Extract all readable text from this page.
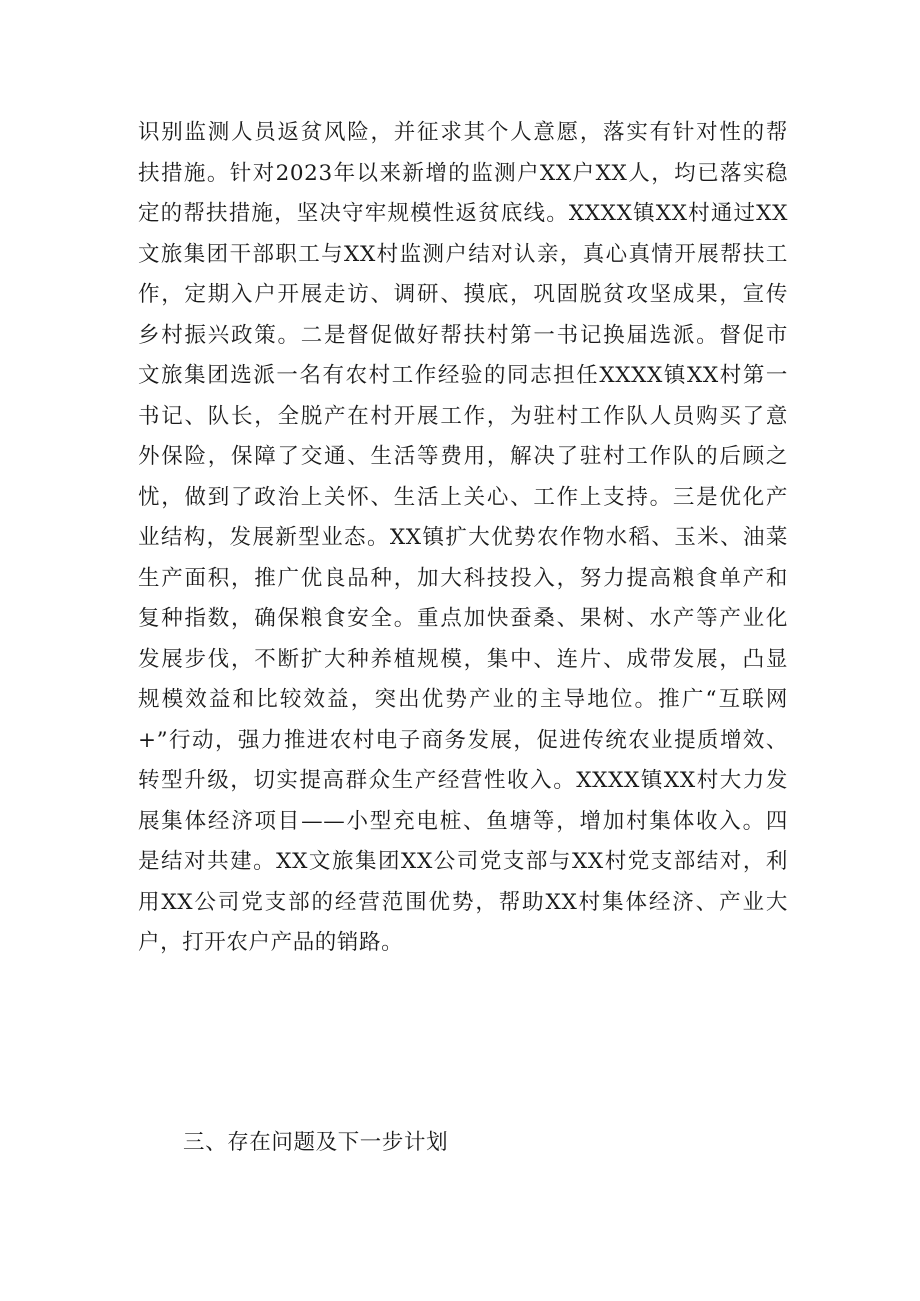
识别监测人员返贫风险，并征求其个人意愿，落实有针对性的帮
扶措施。针对2023年以来新增的监测户XX户XX人，均已落实稳
定的帮扶措施，坚决守牢规模性返贫底线。XXXX镇XX村通过XX
文旅集团干部职工与XX村监测户结对认亲，真心真情开展帮扶工
作，定期入户开展走访、调研、摸底，巩固脱贫攻坚成果，宣传
乡村振兴政策。二是督促做好帮扶村第一书记换届选派。督促市
文旅集团选派一名有农村工作经验的同志担任XXXX镇XX村第一
书记、队长，全脱产在村开展工作，为驻村工作队人员购买了意
外保险，保障了交通、生活等费用，解决了驻村工作队的后顾之
忧，做到了政治上关怀、生活上关心、工作上支持。三是优化产
业结构，发展新型业态。XX镇扩大优势农作物水稻、玉米、油菜
生产面积，推广优良品种，加大科技投入，努力提高粮食单产和
复种指数，确保粮食安全。重点加快蚕桑、果树、水产等产业化
发展步伐，不断扩大种养植规模，集中、连片、成带发展，凸显
规模效益和比较效益，突出优势产业的主导地位。推广“互联网
+”行动，强力推进农村电子商务发展，促进传统农业提质增效、
转型升级，切实提高群众生产经营性收入。XXXX镇XX村大力发
展集体经济项目——小型充电桩、鱼塘等，增加村集体收入。四
是结对共建。XX文旅集团XX公司党支部与XX村党支部结对，利
用XX公司党支部的经营范围优势，帮助XX村集体经济、产业大
户，打开农户产品的销路。
三、存在问题及下一步计划
